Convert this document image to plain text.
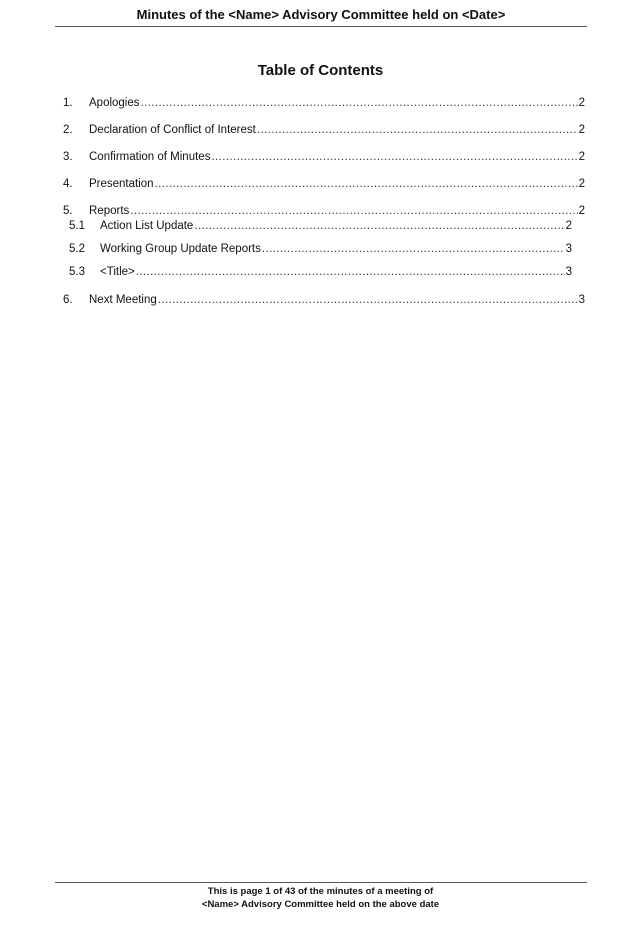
Minutes of the <Name> Advisory Committee held on <Date>
Table of Contents
1.	Apologies .....	2
2.	Declaration of Conflict of Interest .....	2
3.	Confirmation of Minutes .....	2
4.	Presentation .....	2
5.	Reports .....	2
5.1	Action List Update .....	2
5.2	Working Group Update Reports .....	3
5.3	<Title> .....	3
6.	Next Meeting .....	3
This is page 1 of 43 of the minutes of a meeting of
<Name> Advisory Committee held on the above date
